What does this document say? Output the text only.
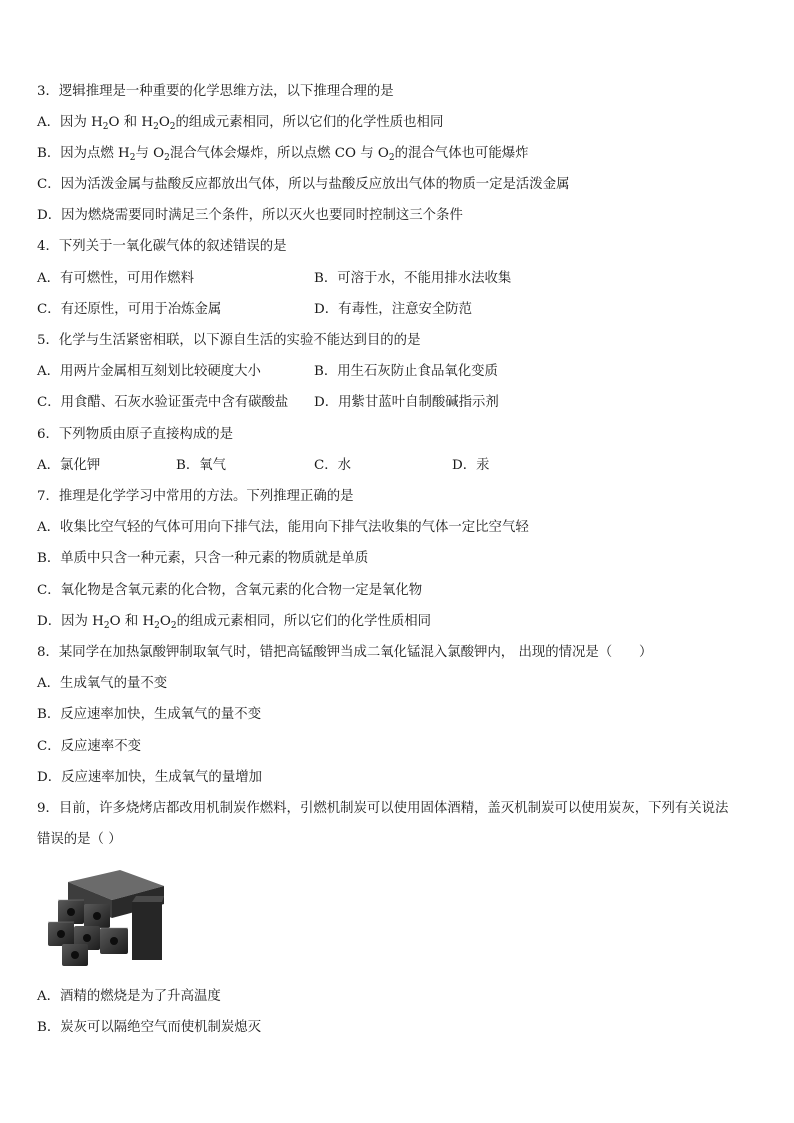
3．逻辑推理是一种重要的化学思维方法，以下推理合理的是
A．因为 $H_2O$ 和 $H_2O_2$的组成元素相同，所以它们的化学性质也相同
B．因为点燃 $H_2$与 $O_2$混合气体会爆炸，所以点燃 CO 与 $O_2$的混合气体也可能爆炸
C．因为活泼金属与盐酸反应都放出气体，所以与盐酸反应放出气体的物质一定是活泼金属
D．因为燃烧需要同时满足三个条件，所以灭火也要同时控制这三个条件
4．下列关于一氧化碳气体的叙述错误的是
A．有可燃性，可用作燃料	B．可溶于水，不能用排水法收集
C．有还原性，可用于冶炼金属	D．有毒性，注意安全防范
5．化学与生活紧密相联，以下源自生活的实验不能达到目的的是
A．用两片金属相互刻划比较硬度大小	B．用生石灰防止食品氧化变质
C．用食醋、石灰水验证蛋壳中含有碳酸盐 D．用紫甘蓝叶自制酸碱指示剂
6．下列物质由原子直接构成的是
A．氯化钾	B．氧气	C．水	D．汞
7．推理是化学学习中常用的方法。下列推理正确的是
A．收集比空气轻的气体可用向下排气法，能用向下排气法收集的气体一定比空气轻
B．单质中只含一种元素，只含一种元素的物质就是单质
C．氧化物是含氧元素的化合物，含氧元素的化合物一定是氧化物
D．因为 $H_2O$ 和 $H_2O_2$的组成元素相同，所以它们的化学性质相同
8．某同学在加热氯酸钾制取氧气时，错把高锰酸钾当成二氧化锰混入氯酸钾内， 出现的情况是（　　）
A．生成氧气的量不变
B．反应速率加快，生成氧气的量不变
C．反应速率不变
D．反应速率加快，生成氧气的量增加
9．目前，许多烧烤店都改用机制炭作燃料，引燃机制炭可以使用固体酒精，盖灭机制炭可以使用炭灰，下列有关说法
错误的是（ ）
A．酒精的燃烧是为了升高温度
B．炭灰可以隔绝空气而使机制炭熄灭
